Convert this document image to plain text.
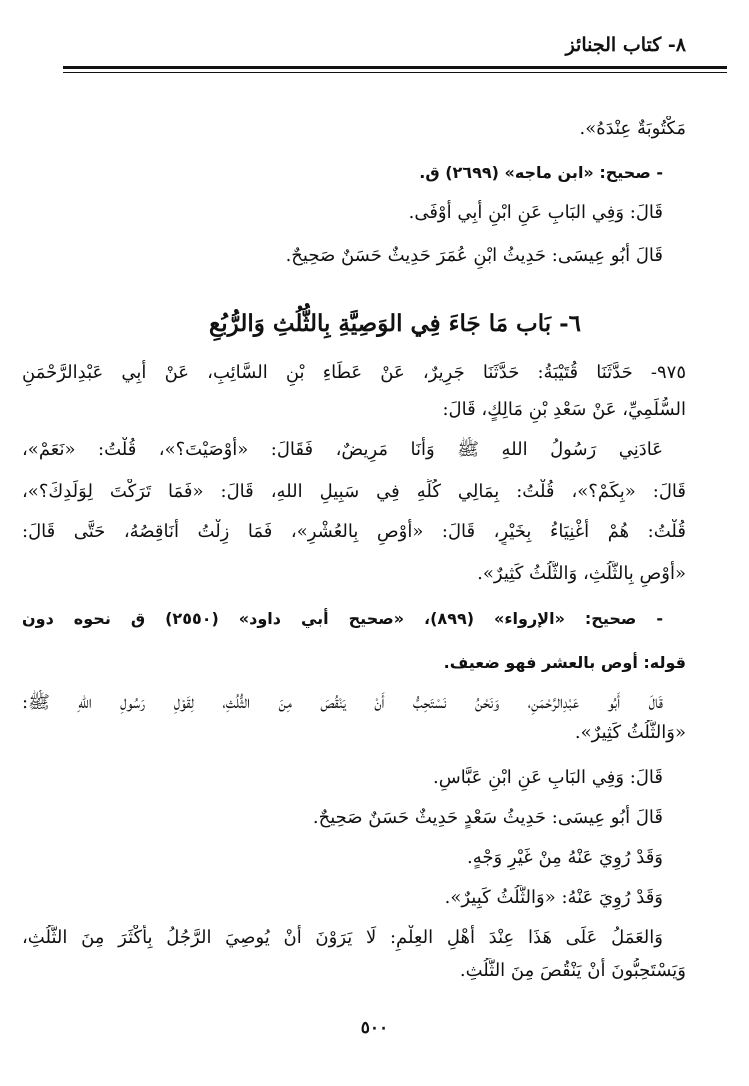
٨- كتاب الجنائز
مَكْتُوبَةٌ عِنْدَهُ».
- صحيح: «ابن ماجه» (٢٦٩٩) ق.
قَالَ: وَفِي البَابِ عَنِ ابْنِ أَبِي أَوْفَى.
قَالَ أَبُو عِيسَى: حَدِيثُ ابْنِ عُمَرَ حَدِيثٌ حَسَنٌ صَحِيحٌ.
٦- بَاب مَا جَاءَ فِي الوَصِيَّةِ بِالثُّلُثِ وَالرُّبُعِ
٩٧٥- حَدَّثَنَا قُتَيْبَةُ: حَدَّثَنَا جَرِيرٌ، عَنْ عَطَاءِ بْنِ السَّائِبِ، عَنْ أَبِي عَبْدِالرَّحْمَنِ
السُّلَمِيِّ، عَنْ سَعْدِ بْنِ مَالِكٍ، قَالَ:
عَادَنِي رَسُولُ اللهِ ﷺ وَأَنَا مَرِيضٌ، فَقَالَ: «أَوْصَيْتَ؟»، قُلْتُ: «نَعَمْ»،
قَالَ: «بِكَمْ؟»، قُلْتُ: بِمَالِي كُلِّهِ فِي سَبِيلِ اللهِ، قَالَ: «فَمَا تَرَكْتَ لِوَلَدِكَ؟»،
قُلْتُ: هُمْ أَغْنِيَاءُ بِخَيْرٍ، قَالَ: «أَوْصِ بِالعُشْرِ»، فَمَا زِلْتُ أُنَاقِصُهُ، حَتَّى قَالَ:
«أَوْصِ بِالثُّلُثِ، وَالثُّلُثُ كَثِيرٌ».
- صحيح: «الإرواء» (٨٩٩)، «صحيح أبي داود» (٢٥٥٠) ق نحوه دون
قوله: أوص بالعشر فهو ضعيف.
قَالَ أَبُو عَبْدِالرَّحْمَنِ، وَنَحْنُ نَسْتَحِبُّ أَنْ يَنْقُصَ مِنَ الثُّلُثِ، لِقَوْلِ رَسُولِ اللهِ ﷺ:
«وَالثُّلُثُ كَثِيرٌ».
قَالَ: وَفِي البَابِ عَنِ ابْنِ عَبَّاسٍ.
قَالَ أَبُو عِيسَى: حَدِيثُ سَعْدٍ حَدِيثٌ حَسَنٌ صَحِيحٌ.
وَقَدْ رُوِيَ عَنْهُ مِنْ غَيْرِ وَجْهٍ.
وَقَدْ رُوِيَ عَنْهُ: «وَالثُّلُثُ كَبِيرٌ».
وَالعَمَلُ عَلَى هَذَا عِنْدَ أَهْلِ العِلْمِ: لَا يَرَوْنَ أَنْ يُوصِيَ الرَّجُلُ بِأَكْثَرَ مِنَ الثُّلُثِ،
وَيَسْتَحِبُّونَ أَنْ يَنْقُصَ مِنَ الثُّلُثِ.
٥٠٠
